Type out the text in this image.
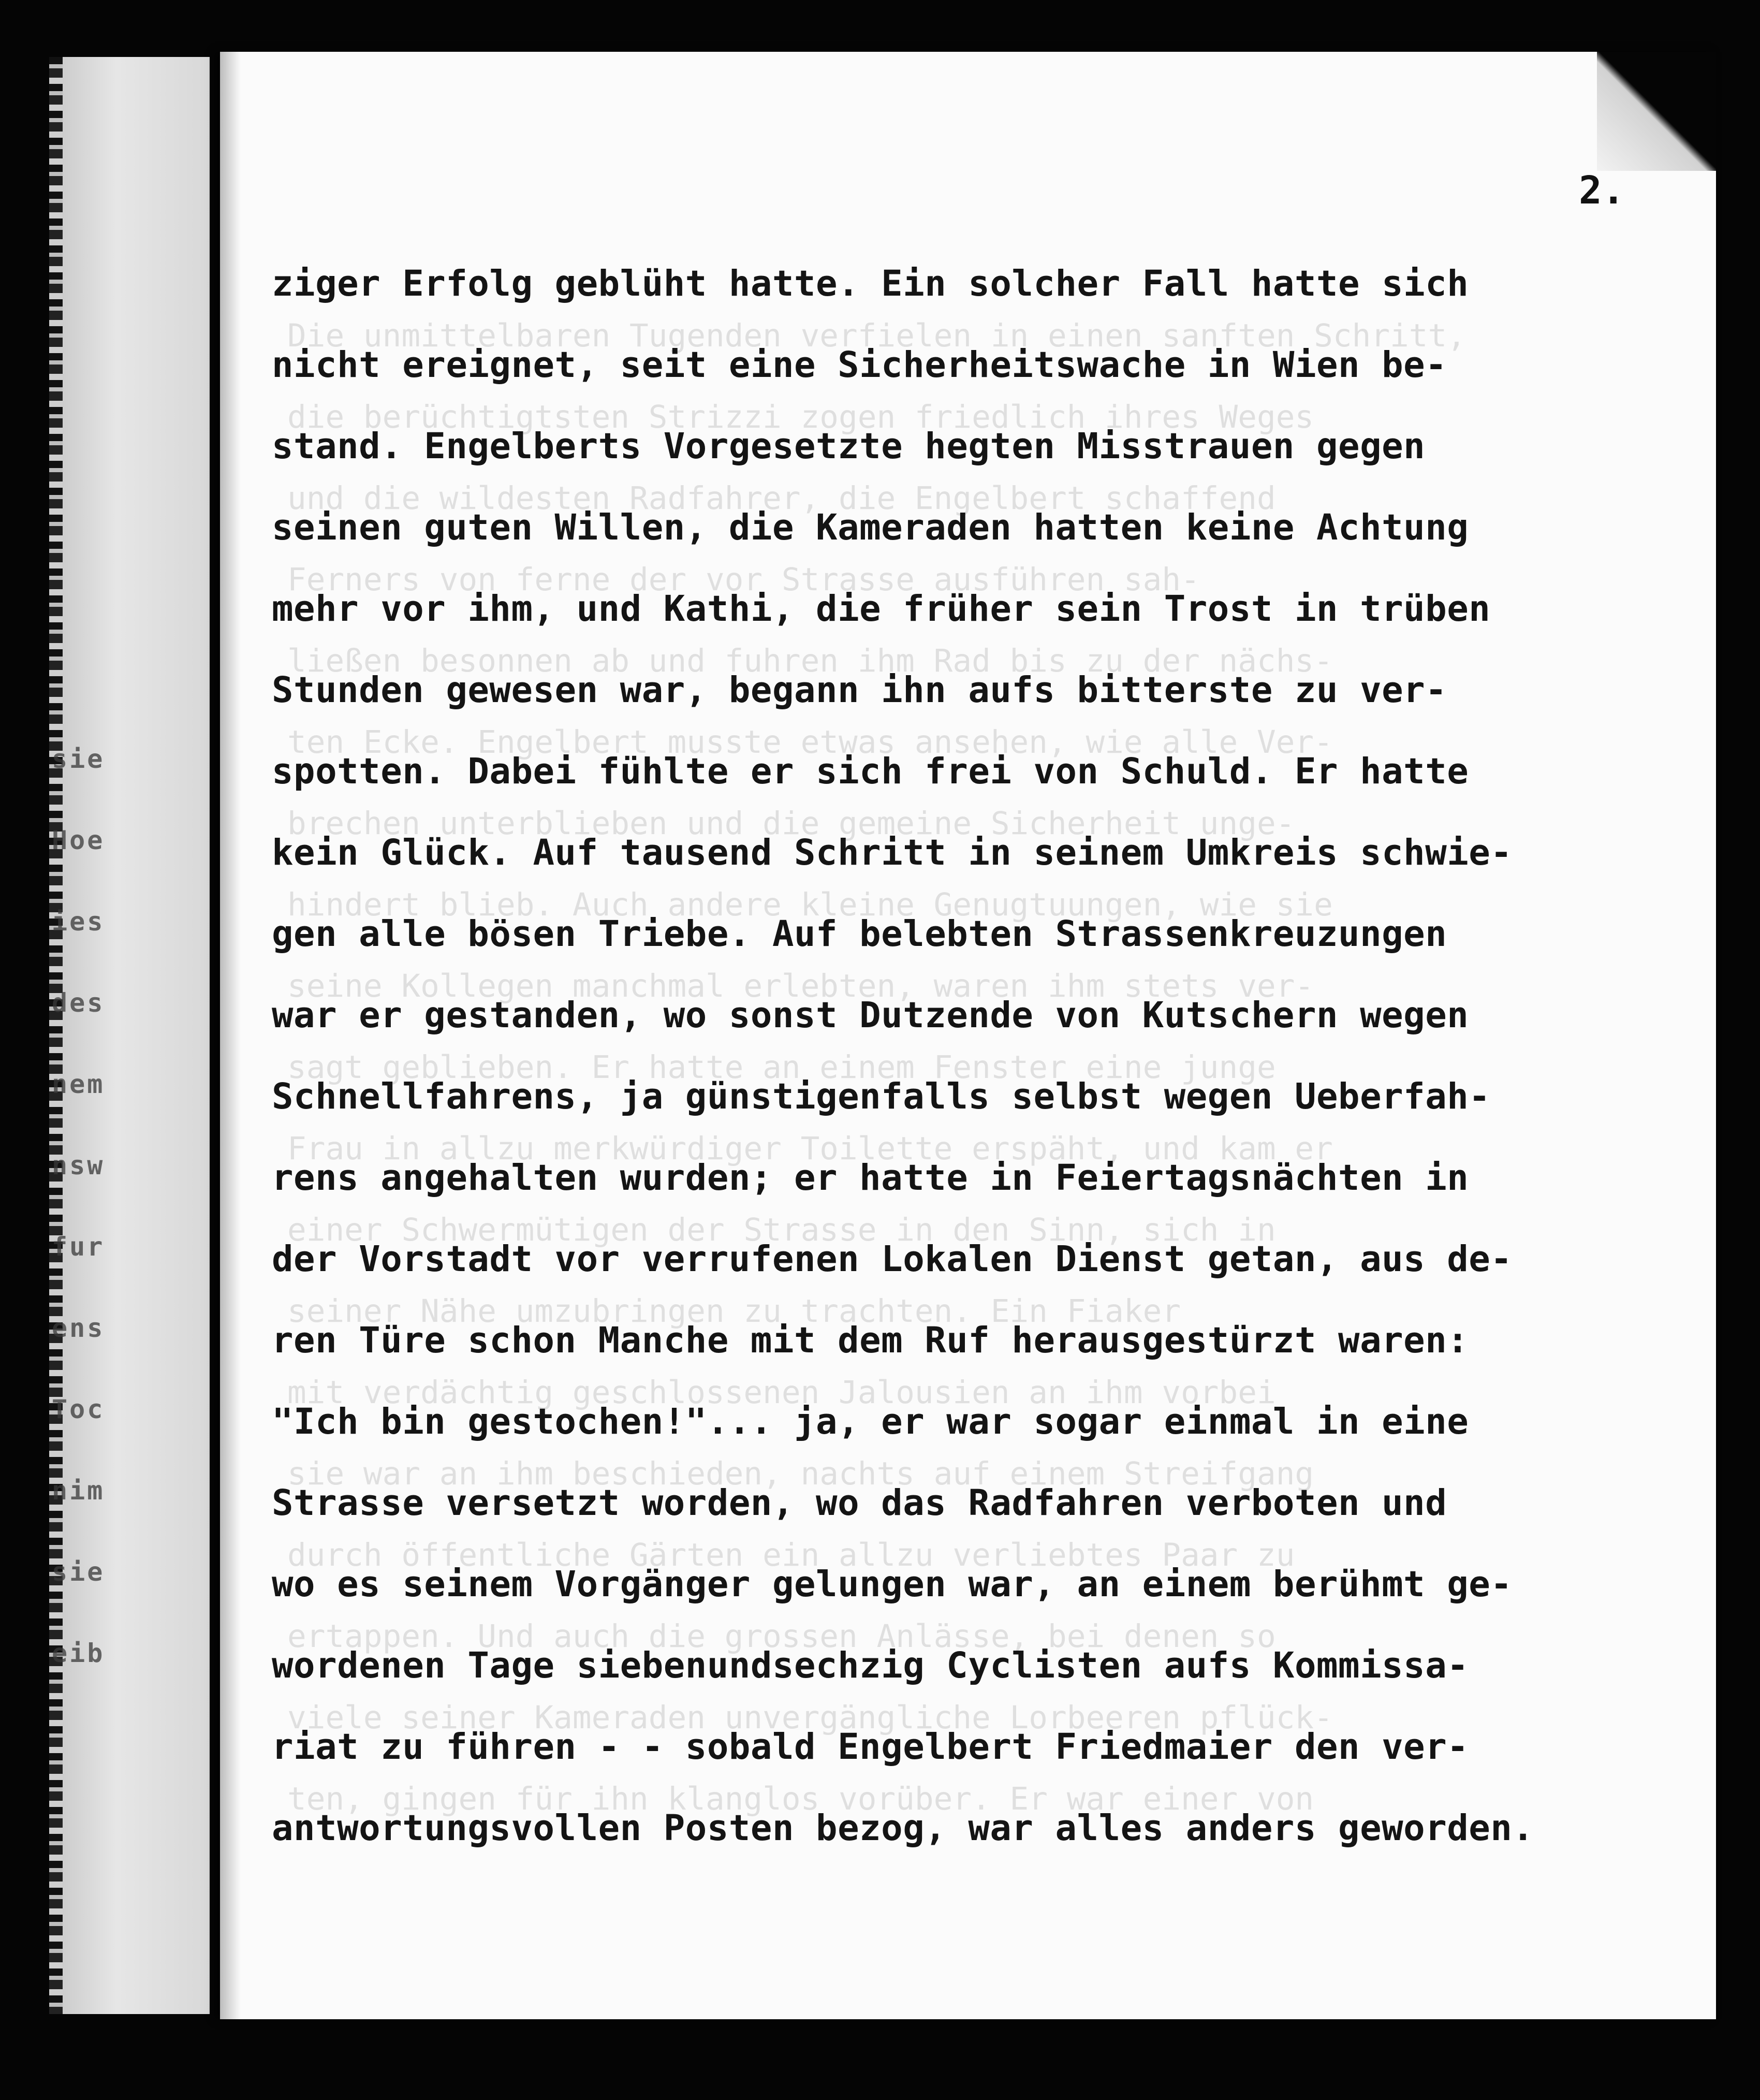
sie
Hoe
ies
des
nem
nsw
fur
ens
Toc
nim
sie
eib
Die unmittelbaren Tugenden verfielen in einen sanften Schritt,
die berüchtigtsten Strizzi zogen friedlich ihres Weges
und die wildesten Radfahrer, die Engelbert schaffend
Ferners von ferne der vor Strasse ausführen sah-
ließen besonnen ab und fuhren ihm Rad bis zu der nächs-
ten Ecke. Engelbert musste etwas ansehen, wie alle Ver-
brechen unterblieben und die gemeine Sicherheit unge-
hindert blieb. Auch andere kleine Genugtuungen, wie sie
seine Kollegen manchmal erlebten, waren ihm stets ver-
sagt geblieben. Er hatte an einem Fenster eine junge
Frau in allzu merkwürdiger Toilette erspäht, und kam er
einer Schwermütigen der Strasse in den Sinn, sich in
seiner Nähe umzubringen zu trachten. Ein Fiaker
mit verdächtig geschlossenen Jalousien an ihm vorbei
sie war an ihm beschieden, nachts auf einem Streifgang
durch öffentliche Gärten ein allzu verliebtes Paar zu
ertappen. Und auch die grossen Anlässe, bei denen so
viele seiner Kameraden unvergängliche Lorbeeren pflück-
ten, gingen für ihn klanglos vorüber. Er war einer von
2.
ziger Erfolg geblüht hatte. Ein solcher Fall hatte sich
nicht ereignet, seit eine Sicherheitswache in Wien be-
stand. Engelberts Vorgesetzte hegten Misstrauen gegen
seinen guten Willen, die Kameraden hatten keine Achtung
mehr vor ihm, und Kathi, die früher sein Trost in trüben
Stunden gewesen war, begann ihn aufs bitterste zu ver-
spotten. Dabei fühlte er sich frei von Schuld. Er hatte
kein Glück. Auf tausend Schritt in seinem Umkreis schwie-
gen alle bösen Triebe. Auf belebten Strassenkreuzungen
war er gestanden, wo sonst Dutzende von Kutschern wegen
Schnellfahrens, ja günstigenfalls selbst wegen Ueberfah-
rens angehalten wurden; er hatte in Feiertagsnächten in
der Vorstadt vor verrufenen Lokalen Dienst getan, aus de-
ren Türe schon Manche mit dem Ruf herausgestürzt waren:
"Ich bin gestochen!"... ja, er war sogar einmal in eine
Strasse versetzt worden, wo das Radfahren verboten und
wo es seinem Vorgänger gelungen war, an einem berühmt ge-
wordenen Tage siebenundsechzig Cyclisten aufs Kommissa-
riat zu führen - - sobald Engelbert Friedmaier den ver-
antwortungsvollen Posten bezog, war alles anders geworden.
